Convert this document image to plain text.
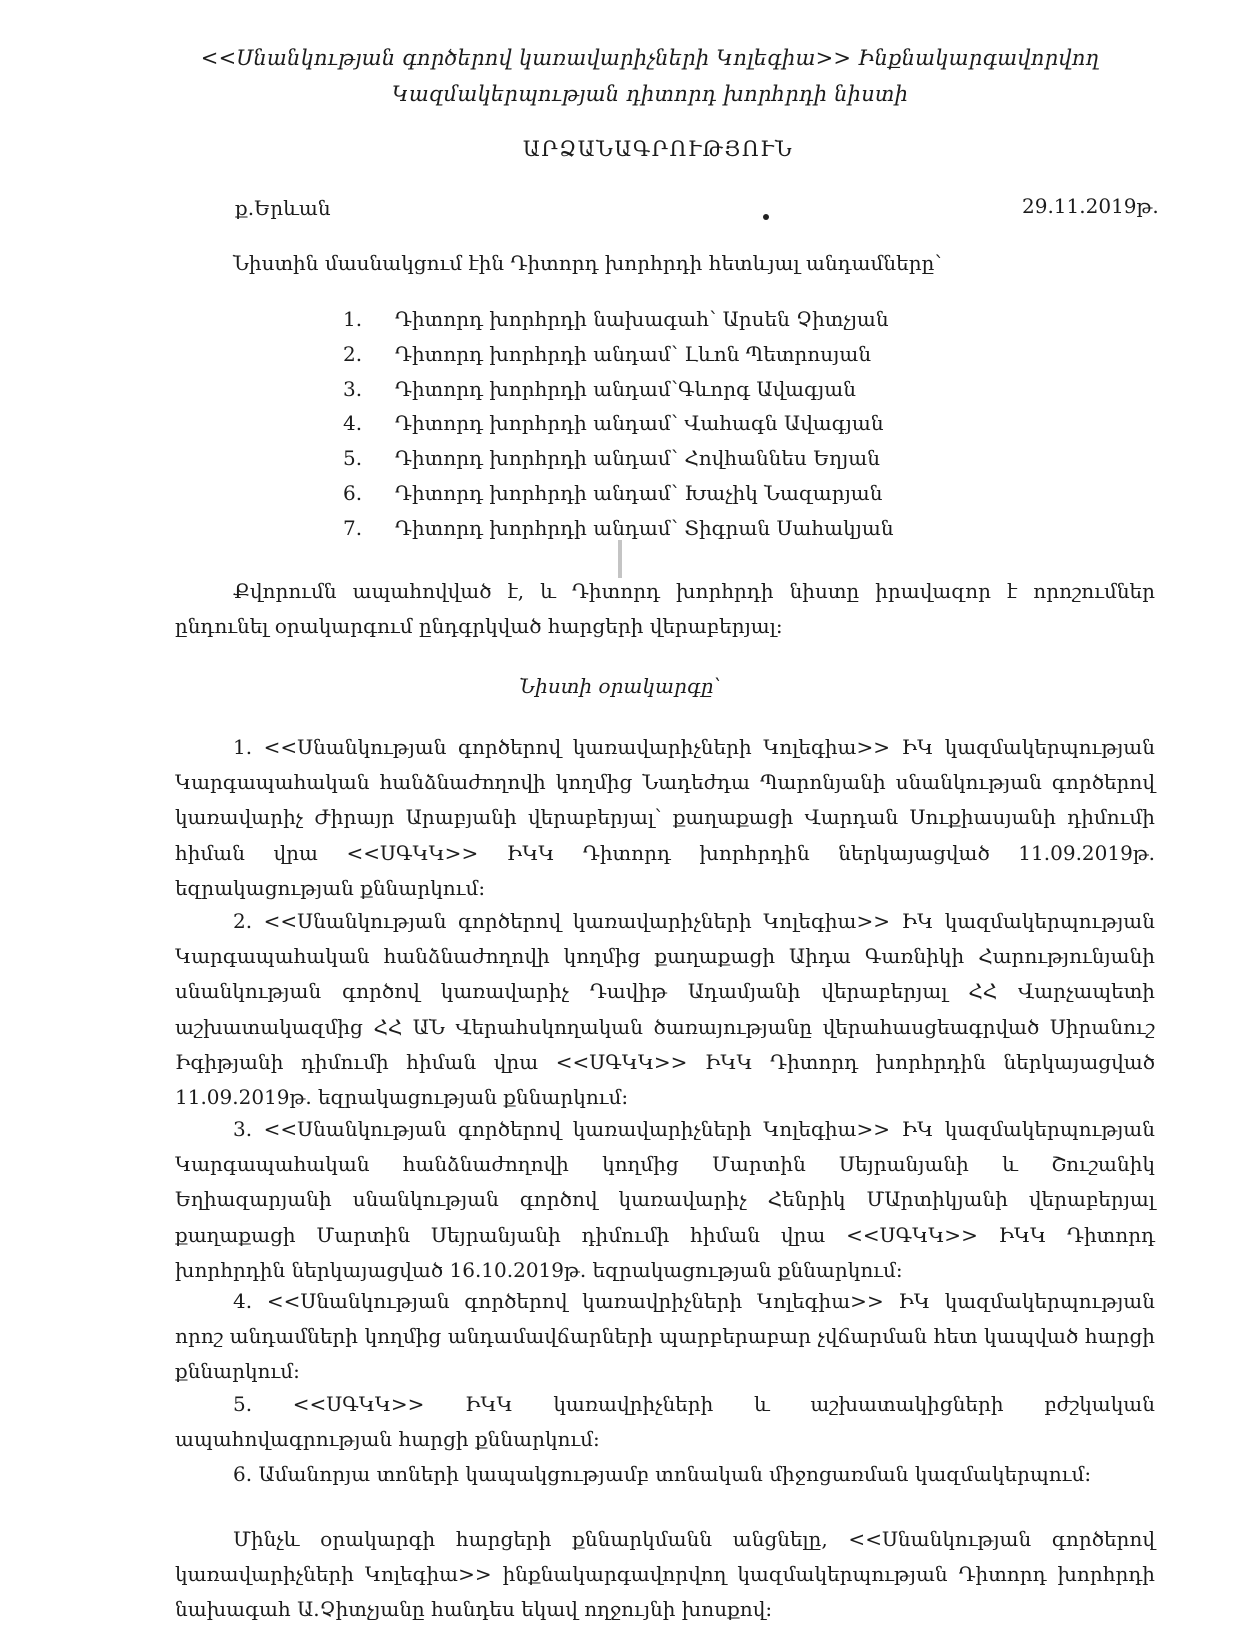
<<Սնանկության գործերով կառավարիչների Կոլեգիա>> Ինքնակարգավորվող
Կազմակերպության դիտորդ խորհրդի նիստի
ԱՐՁԱՆԱԳՐՈՒԹՅՈՒՆ
ք.Երևան	29.11.2019թ.
Նիստին մասնակցում էին Դիտորդ խորհրդի հետևյալ անդամները՝
1. Դիտորդ խորհրդի նախագահ՝ Արսեն Չիտչյան
2. Դիտորդ խորհրդի անդամ՝ Լևոն Պետրոսյան
3. Դիտորդ խորհրդի անդամ՝Գևորգ Ավագյան
4. Դիտորդ խորհրդի անդամ՝ Վահագն Ավագյան
5. Դիտորդ խորհրդի անդամ՝ Հովհաննես Եղյան
6. Դիտորդ խորհրդի անդամ՝ Խաչիկ Նազարյան
7. Դիտորդ խորհրդի անդամ՝ Տիգրան Սահակյան

Քվորումն ապահովված է, և Դիտորդ խորհրդի նիստը իրավազոր է որոշումներ ընդունել օրակարգում ընդգրկված հարցերի վերաբերյալ:

Նիստի օրակարգը՝

1. <<Սնանկության գործերով կառավարիչների Կոլեգիա>> ԻԿ կազմակերպության Կարգապահական հանձնաժողովի կողմից Նադեժդա Պարոնյանի սնանկության գործերով կառավարիչ Ժիրայր Արաբյանի վերաբերյալ՝ քաղաքացի Վարդան Սուքիասյանի դիմումի հիման վրա <<ՍԳԿԿ>> ԻԿԿ Դիտորդ խորհրդին ներկայացված 11.09.2019թ. եզրակացության քննարկում:

2. <<Սնանկության գործերով կառավարիչների Կոլեգիա>> ԻԿ կազմակերպության Կարգապահական հանձնաժողովի կողմից քաղաքացի Աիդա Գառնիկի Հարությունյանի սնանկության գործով կառավարիչ Դավիթ Ադամյանի վերաբերյալ ՀՀ Վարչապետի աշխատակազմից ՀՀ ԱՆ Վերահսկողական ծառայությանը վերահասցեագրված Սիրանուշ Իգիթյանի դիմումի հիման վրա <<ՍԳԿԿ>> ԻԿԿ Դիտորդ խորհրդին ներկայացված 11.09.2019թ. եզրակացության քննարկում:

3. <<Սնանկության գործերով կառավարիչների Կոլեգիա>> ԻԿ կազմակերպության Կարգապահական հանձնաժողովի կողմից Մարտին Սեյրանյանի և Շուշանիկ Եղիազարյանի սնանկության գործով կառավարիչ Հենրիկ ՄԱրտիկյանի վերաբերյալ քաղաքացի Մարտին Սեյրանյանի դիմումի հիման վրա <<ՍԳԿԿ>> ԻԿԿ Դիտորդ խորհրդին ներկայացված 16.10.2019թ. եզրակացության քննարկում:

4. <<Սնանկության գործերով կառավրիչների Կոլեգիա>> ԻԿ կազմակերպության որոշ անդամների կողմից անդամավճարների պարբերաբար չվճարման հետ կապված հարցի քննարկում:

5. <<ՍԳԿԿ>> ԻԿԿ կառավրիչների և աշխատակիցների բժշկական ապահովագրության հարցի քննարկում:

6. Ամանորյա տոների կապակցությամբ տոնական միջոցառման կազմակերպում:

Մինչև օրակարգի հարցերի քննարկմանն անցնելը, <<Սնանկության գործերով կառավարիչների Կոլեգիա>> ինքնակարգավորվող կազմակերպության Դիտորդ խորհրդի նախագահ Ա.Չիտչյանը հանդես եկավ ողջույնի խոսքով:
